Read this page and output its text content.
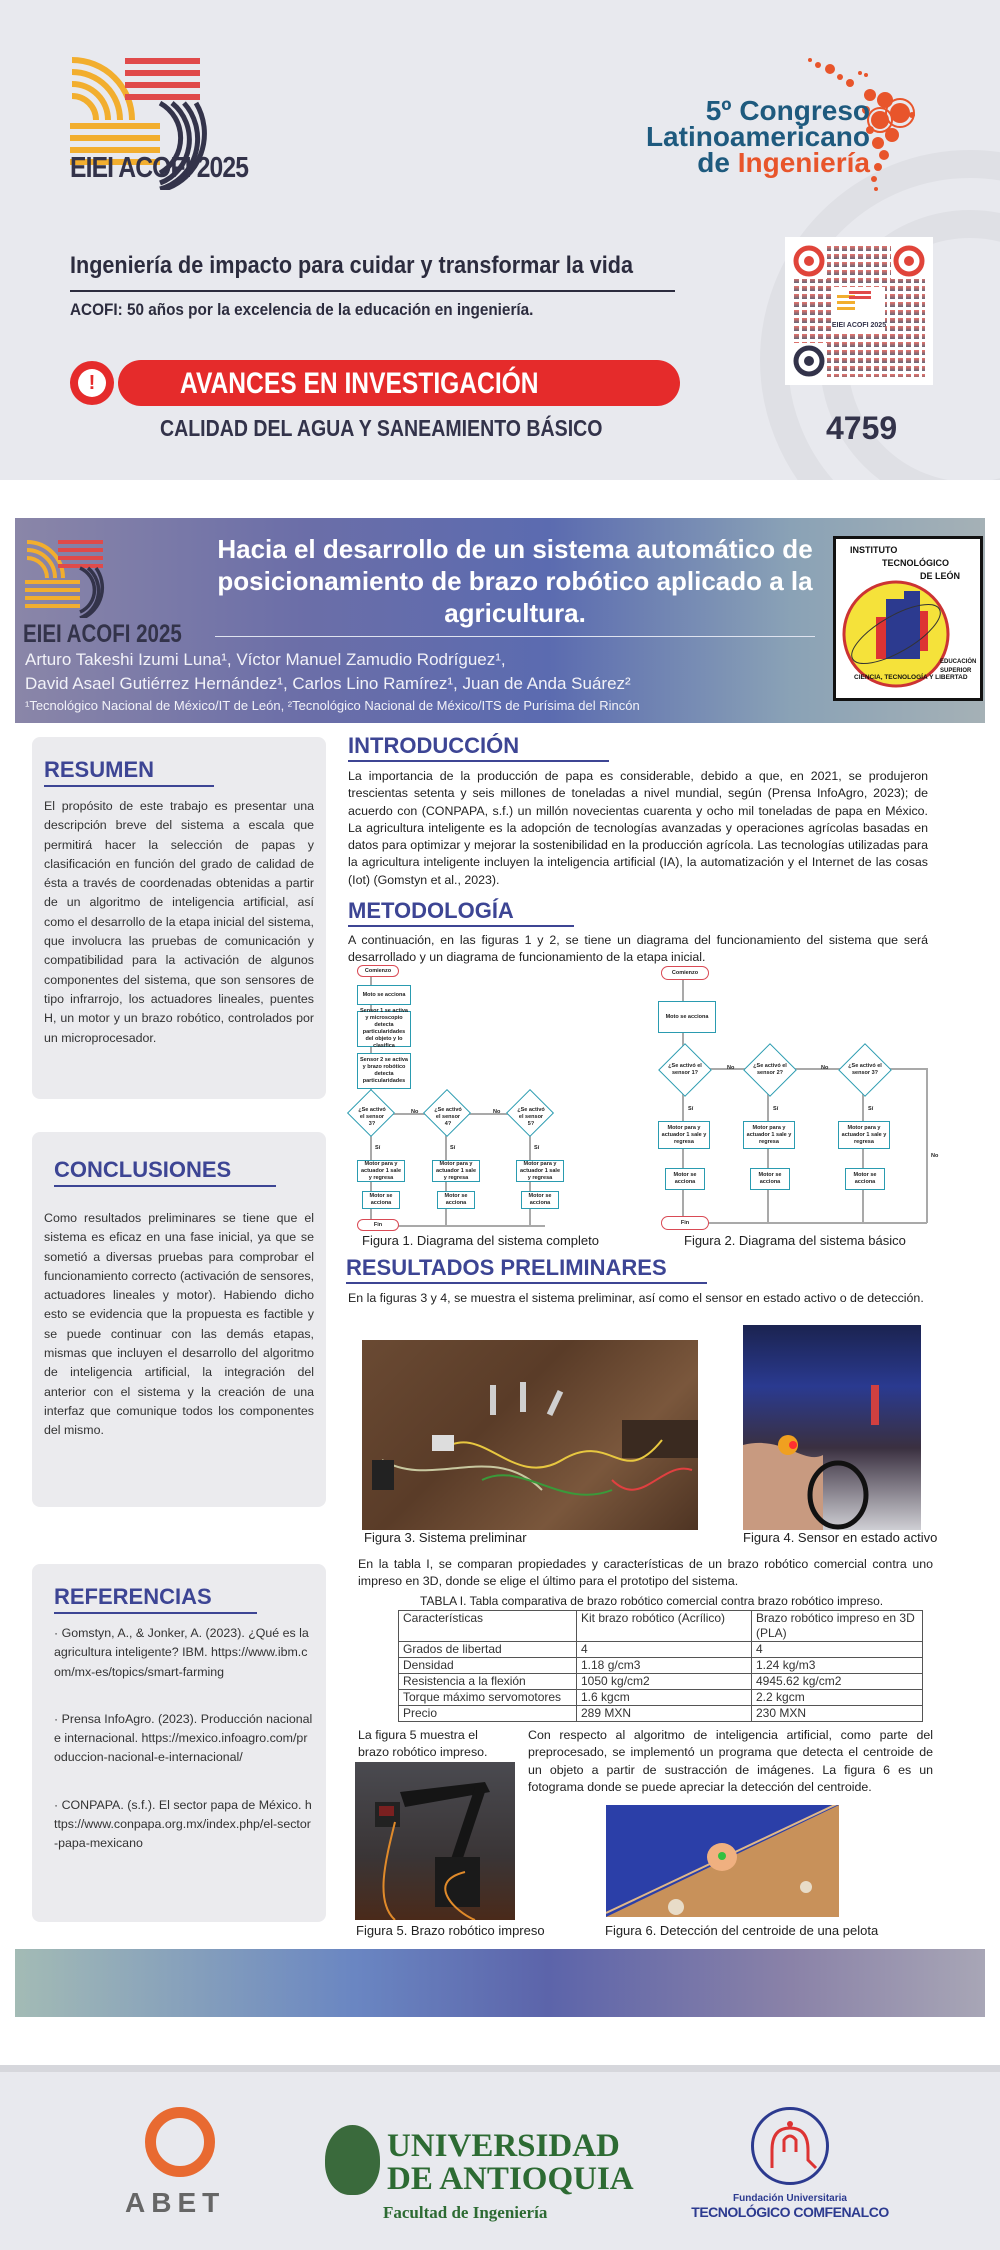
EIEI ACOFI 2025
5º Congreso
Latinoamericano
de Ingeniería
Ingeniería de impacto para cuidar y transformar la vida
ACOFI: 50 años por la excelencia de la educación en ingeniería.
!	AVANCES EN INVESTIGACIÓN
CALIDAD DEL AGUA Y SANEAMIENTO BÁSICO
EIEI ACOFI 2025
4759
EIEI ACOFI 2025
Hacia el desarrollo de un sistema automático de posicionamiento de brazo robótico aplicado a la agricultura.
Arturo Takeshi Izumi Luna¹, Víctor Manuel Zamudio Rodríguez¹,
David Asael Gutiérrez Hernández¹, Carlos Lino Ramírez¹, Juan de Anda Suárez²
¹Tecnológico Nacional de México/IT de León, ²Tecnológico Nacional de México/ITS de Purísima del Rincón
INSTITUTO
TECNOLÓGICO
DE LEÓN
CIENCIA, TECNOLOGÍA Y LIBERTAD
EDUCACIÓN
SUPERIOR
RESUMEN

El propósito de este trabajo es presentar una descripción breve del sistema a escala que permitirá hacer la selección de papas y clasificación en función del grado de calidad de ésta a través de coordenadas obtenidas a partir de un algoritmo de inteligencia artificial, así como el desarrollo de la etapa inicial del sistema, que involucra las pruebas de comunicación y compatibilidad para la activación de algunos componentes del sistema, que son sensores de tipo infrarrojo, los actuadores lineales, puentes H, un motor y un brazo robótico, controlados por un microprocesador.

CONCLUSIONES

Como resultados preliminares se tiene que el sistema es eficaz en una fase inicial, ya que se sometió a diversas pruebas para comprobar el funcionamiento correcto (activación de sensores, actuadores lineales y motor). Habiendo dicho esto se evidencia que la propuesta es factible y se puede continuar con las demás etapas, mismas que incluyen el desarrollo del algoritmo de inteligencia artificial, la integración del anterior con el sistema y la creación de una interfaz que comunique todos los componentes del mismo.

REFERENCIAS
· Gomstyn, A., & Jonker, A. (2023). ¿Qué es la agricultura inteligente? IBM. https://www.ibm.com/mx-es/topics/smart-farming
· Prensa InfoAgro. (2023). Producción nacional e internacional. https://mexico.infoagro.com/produccion-nacional-e-internacional/
· CONPAPA. (s.f.). El sector papa de México. https://www.conpapa.org.mx/index.php/el-sector-papa-mexicano
INTRODUCCIÓN
La importancia de la producción de papa es considerable, debido a que, en 2021, se produjeron trescientas setenta y seis millones de toneladas a nivel mundial, según (Prensa InfoAgro, 2023); de acuerdo con (CONPAPA, s.f.) un millón novecientas cuarenta y ocho mil toneladas de papa en México. La agricultura inteligente es la adopción de tecnologías avanzadas y operaciones agrícolas basadas en datos para optimizar y mejorar la sostenibilidad en la producción agrícola. Las tecnologías utilizadas para la agricultura inteligente incluyen la inteligencia artificial (IA), la automatización y el Internet de las cosas (Iot) (Gomstyn et al., 2023).
METODOLOGÍA
A continuación, en las figuras 1 y 2, se tiene un diagrama del funcionamiento del sistema que será desarrollado y un diagrama de funcionamiento de la etapa inicial.
Comienzo
Moto se acciona
Sensor 1 se activa y microscopio detecta particularidades del objeto y lo clasifica
Sensor 2 se activa y brazo robótico detecta particularidades
¿Se activó el sensor 3?
¿Se activó el sensor 4?
¿Se activó el sensor 5?
No	No
Sí	Sí	Sí
Motor para y actuador 1 sale y regresa
Motor para y actuador 1 sale y regresa
Motor para y actuador 1 sale y regresa
Motor se acciona
Motor se acciona
Motor se acciona
Fin
Figura 1. Diagrama del sistema completo
Comienzo
Moto se acciona
¿Se activó el sensor 1?
¿Se activó el sensor 2?
¿Se activó el sensor 3?
No	No
No
Sí	Sí	Sí
Motor para y actuador 1 sale y regresa
Motor para y actuador 1 sale y regresa
Motor para y actuador 1 sale y regresa
Motor se acciona
Motor se acciona
Motor se acciona
Fin
Figura 2. Diagrama del sistema básico
RESULTADOS PRELIMINARES
En la figuras 3 y 4, se muestra el sistema preliminar, así como el sensor en estado activo o de detección.
Figura 3. Sistema preliminar	Figura 4. Sensor en estado activo
En la tabla I, se comparan propiedades y características de un brazo robótico comercial contra uno impreso en 3D, donde se elige el último para el prototipo del sistema.
TABLA I. Tabla comparativa de brazo robótico comercial contra brazo robótico impreso.
Características	Kit brazo robótico (Acrílico)	Brazo robótico impreso en 3D (PLA)
Grados de libertad	4	4
Densidad	1.18 g/cm3	1.24 kg/m3
Resistencia a la flexión	1050 kg/cm2	4945.62 kg/cm2
Torque máximo servomotores	1.6 kgcm	2.2 kgcm
Precio	289 MXN	230 MXN
La figura 5 muestra el brazo robótico impreso.
Con respecto al algoritmo de inteligencia artificial, como parte del preprocesado, se implementó un programa que detecta el centroide de un objeto a partir de sustracción de imágenes. La figura 6 es un fotograma donde se puede apreciar la detección del centroide.
Figura 5. Brazo robótico impreso	Figura 6. Detección del centroide de una pelota
ABET
UNIVERSIDAD
DE ANTIOQUIA
Facultad de Ingeniería
Fundación Universitaria
TECNOLÓGICO COMFENALCO
